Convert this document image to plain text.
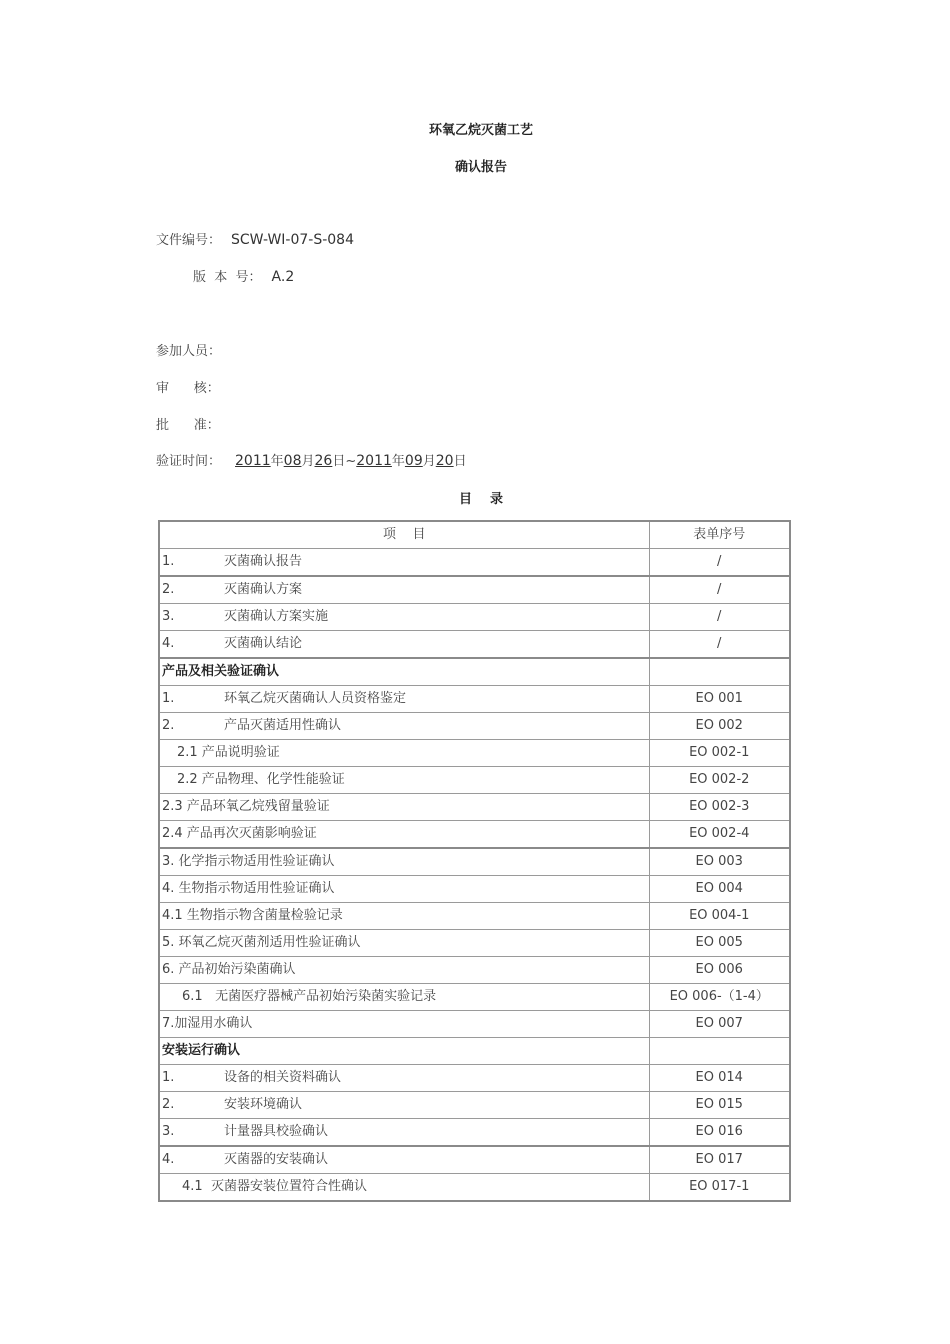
环氧乙烷灭菌工艺
确认报告
文件编号： SCW-WI-07-S-084
版  本  号： A.2
参加人员：
审      核：
批      准：
验证时间： 2011年08月26日~2011年09月20日
目    录
项    目	表单序号
1. 灭菌确认报告	/
2. 灭菌确认方案	/
3. 灭菌确认方案实施	/
4. 灭菌确认结论	/
产品及相关验证确认	
1. 环氧乙烷灭菌确认人员资格鉴定	EO 001
2. 产品灭菌适用性确认	EO 002
2.1 产品说明验证	EO 002-1
2.2 产品物理、化学性能验证	EO 002-2
2.3 产品环氧乙烷残留量验证	EO 002-3
2.4 产品再次灭菌影响验证	EO 002-4
3. 化学指示物适用性验证确认	EO 003
4. 生物指示物适用性验证确认	EO 004
4.1 生物指示物含菌量检验记录	EO 004-1
5. 环氧乙烷灭菌剂适用性验证确认	EO 005
6. 产品初始污染菌确认	EO 006
6.1   无菌医疗器械产品初始污染菌实验记录	EO 006-（1-4）
7.加湿用水确认	EO 007
安装运行确认	
1. 设备的相关资料确认	EO 014
2. 安装环境确认	EO 015
3. 计量器具校验确认	EO 016
4. 灭菌器的安装确认	EO 017
4.1  灭菌器安装位置符合性确认	EO 017-1
